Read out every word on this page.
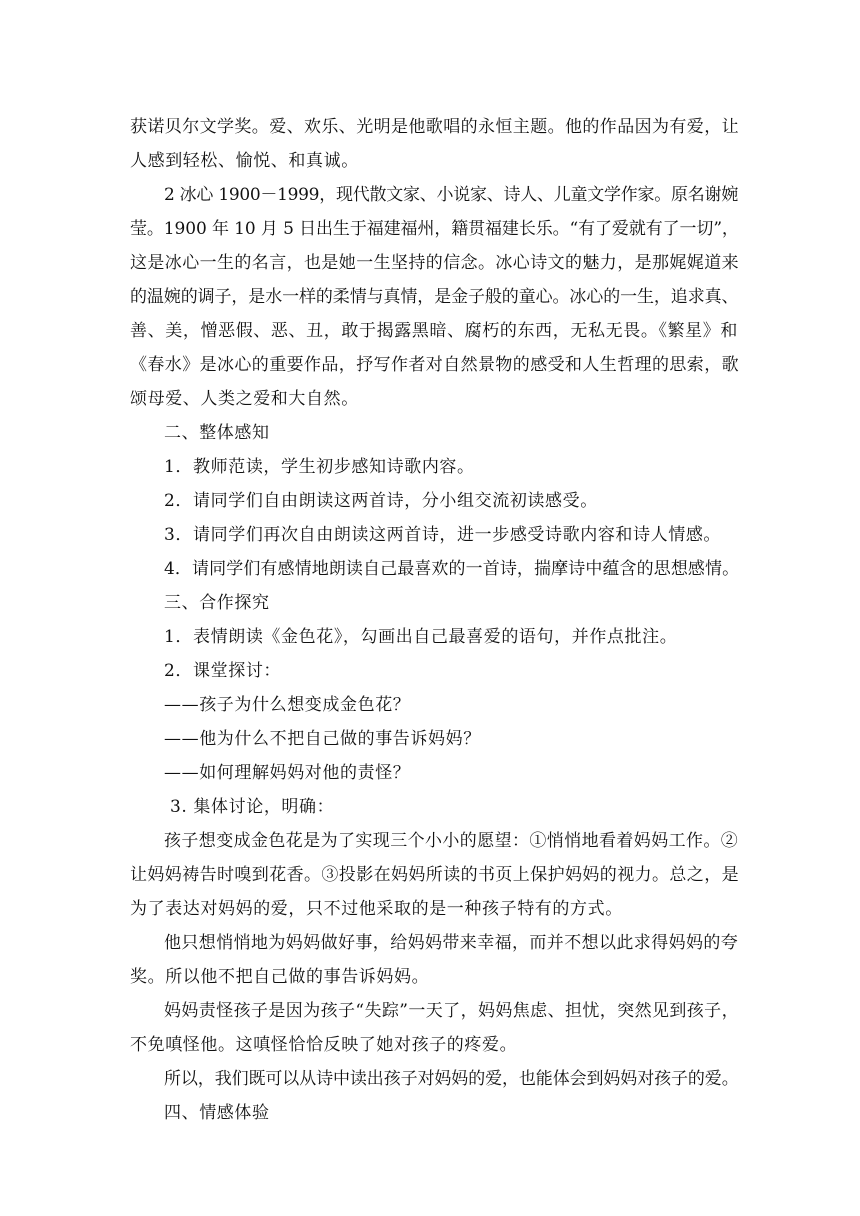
获诺贝尔文学奖。爱、欢乐、光明是他歌唱的永恒主题。他的作品因为有爱，让
人感到轻松、愉悦、和真诚。
2 冰心 1900－1999，现代散文家、小说家、诗人、儿童文学作家。原名谢婉
莹。1900 年 10 月 5 日出生于福建福州，籍贯福建长乐。“有了爱就有了一切”，
这是冰心一生的名言，也是她一生坚持的信念。冰心诗文的魅力，是那娓娓道来
的温婉的调子，是水一样的柔情与真情，是金子般的童心。冰心的一生，追求真、
善、美，憎恶假、恶、丑，敢于揭露黑暗、腐朽的东西，无私无畏。《繁星》和
《春水》是冰心的重要作品，抒写作者对自然景物的感受和人生哲理的思索，歌
颂母爱、人类之爱和大自然。
二、整体感知
1．教师范读，学生初步感知诗歌内容。
2．请同学们自由朗读这两首诗，分小组交流初读感受。
3．请同学们再次自由朗读这两首诗，进一步感受诗歌内容和诗人情感。
4．请同学们有感情地朗读自己最喜欢的一首诗，揣摩诗中蕴含的思想感情。
三、合作探究
1．表情朗读《金色花》，勾画出自己最喜爱的语句，并作点批注。
2．课堂探讨：
——孩子为什么想变成金色花？
——他为什么不把自己做的事告诉妈妈？
——如何理解妈妈对他的责怪？
3. 集体讨论，明确：
孩子想变成金色花是为了实现三个小小的愿望：①悄悄地看着妈妈工作。②
让妈妈祷告时嗅到花香。③投影在妈妈所读的书页上保护妈妈的视力。总之，是
为了表达对妈妈的爱，只不过他采取的是一种孩子特有的方式。
他只想悄悄地为妈妈做好事，给妈妈带来幸福，而并不想以此求得妈妈的夸
奖。所以他不把自己做的事告诉妈妈。
妈妈责怪孩子是因为孩子“失踪”一天了，妈妈焦虑、担忧，突然见到孩子，
不免嗔怪他。这嗔怪恰恰反映了她对孩子的疼爱。
所以，我们既可以从诗中读出孩子对妈妈的爱，也能体会到妈妈对孩子的爱。
四、情感体验
